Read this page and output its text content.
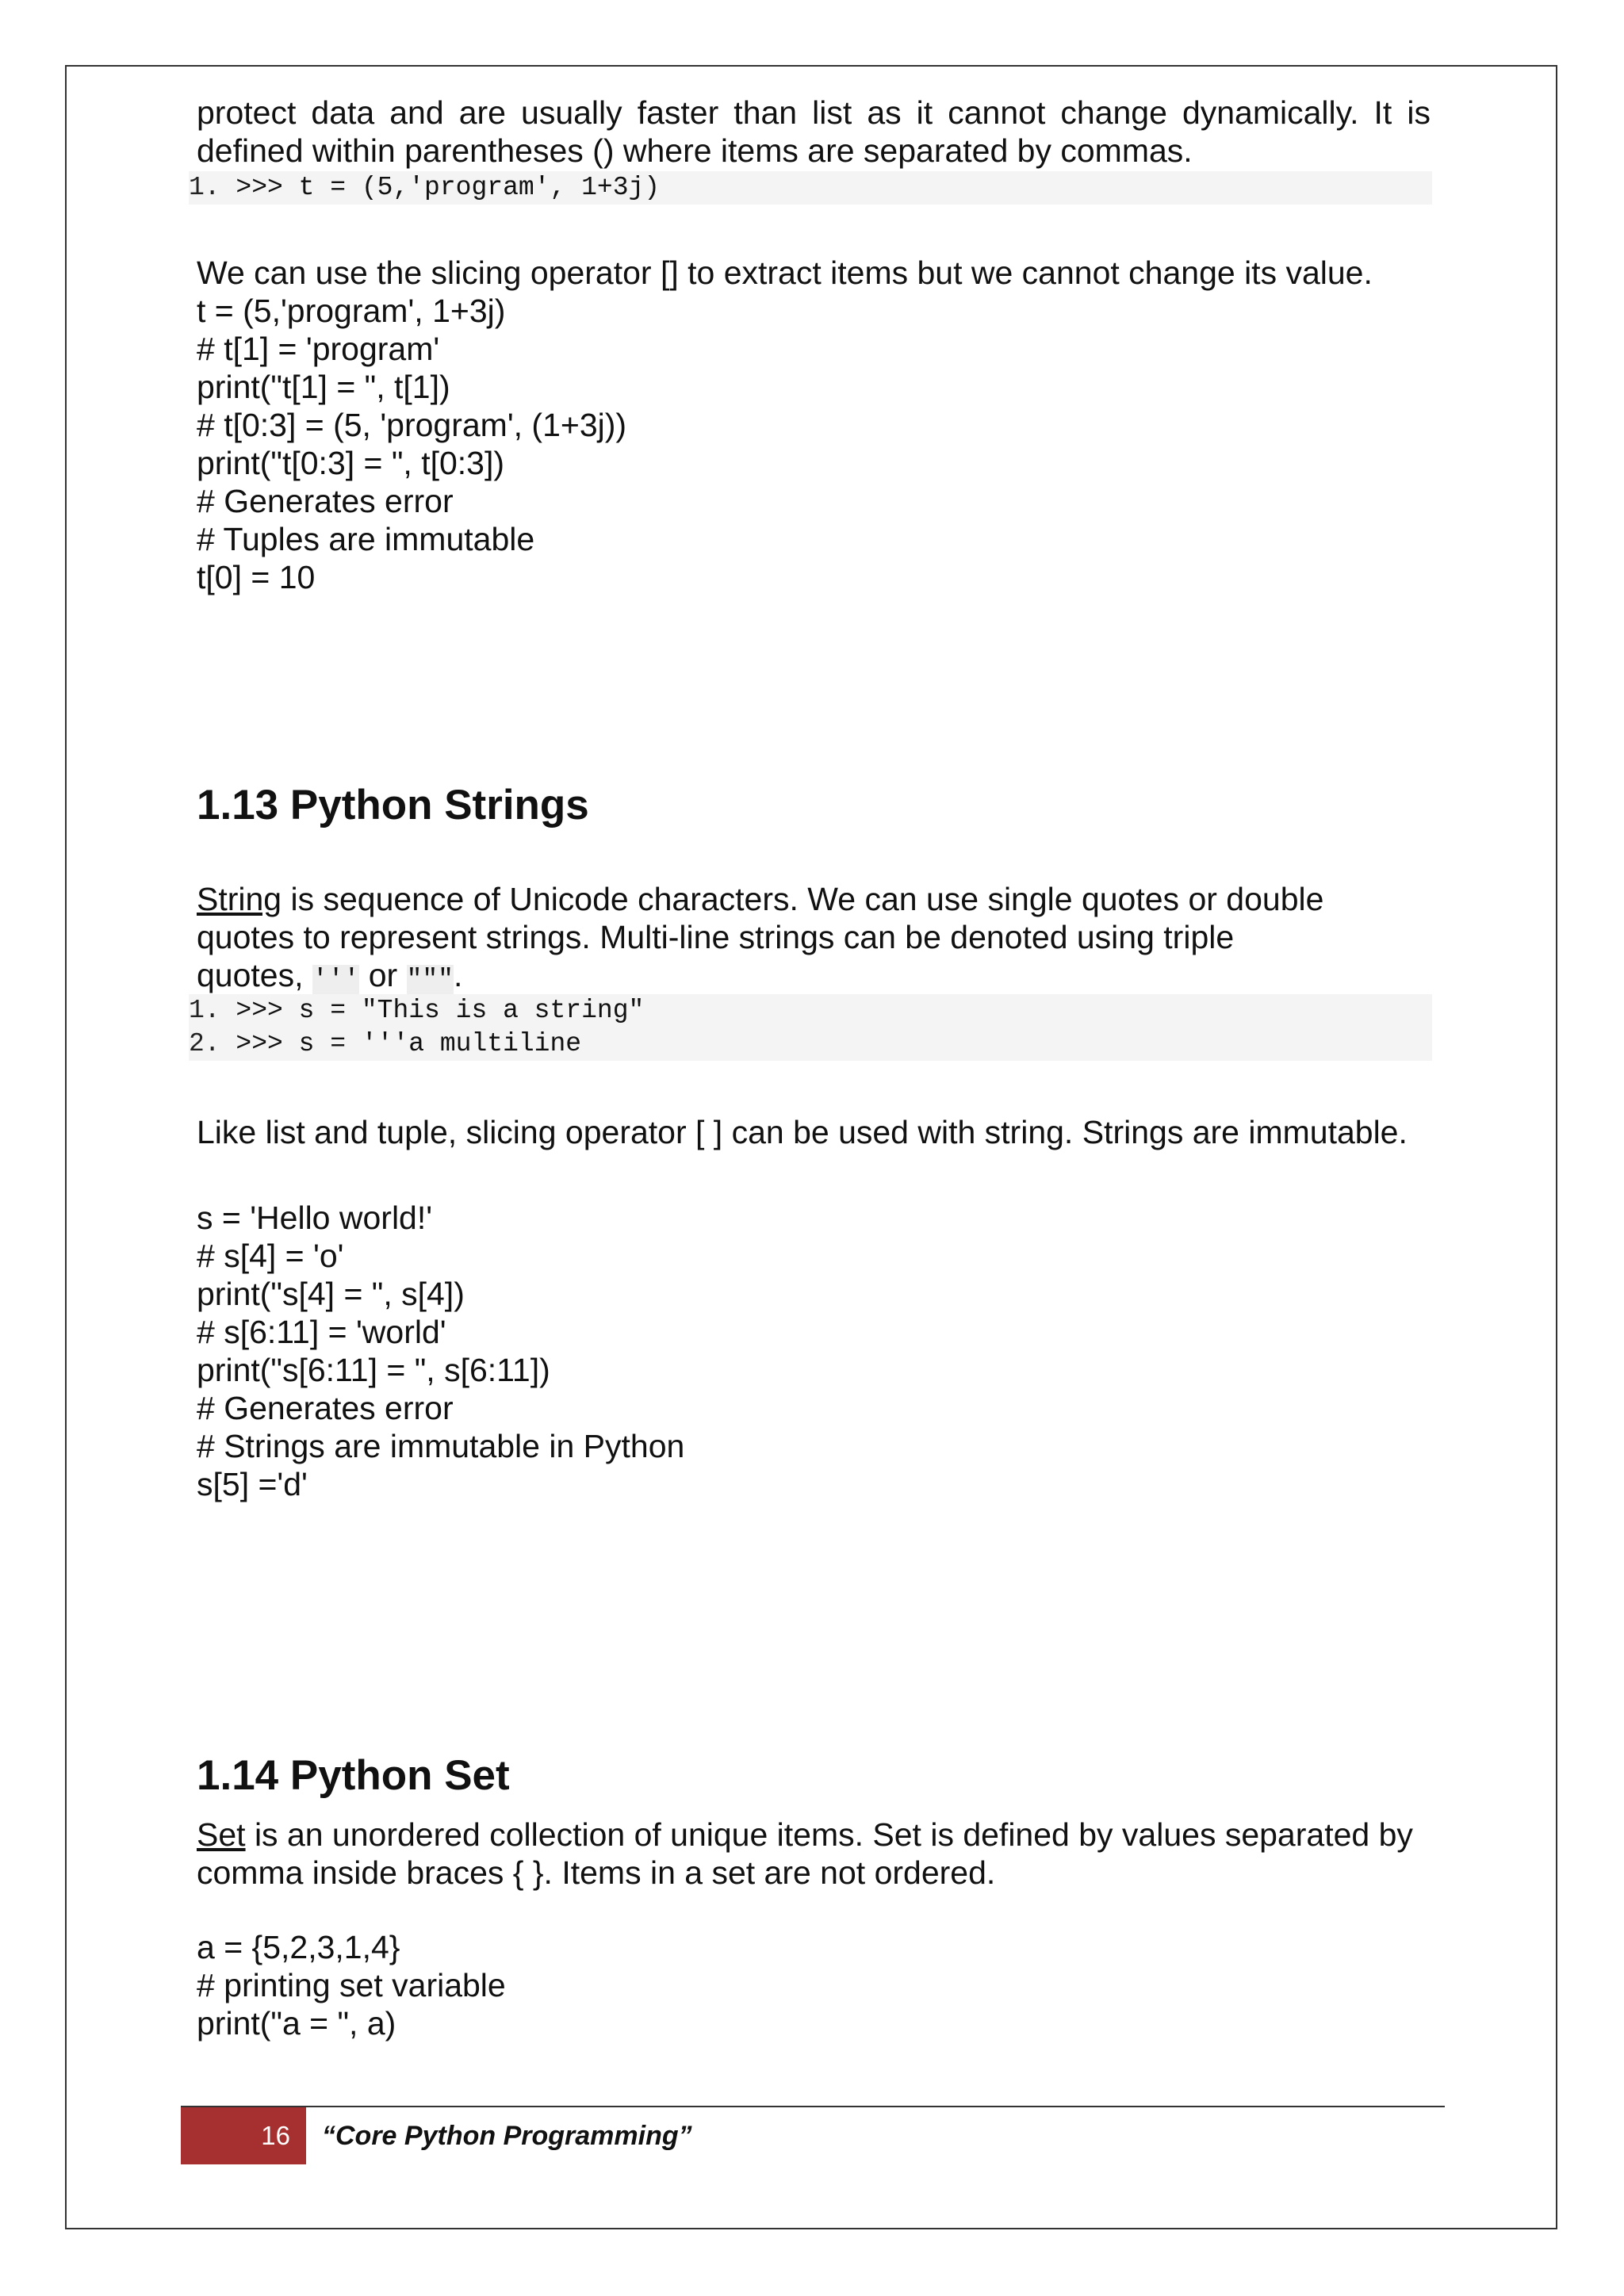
protect data and are usually faster than list as it cannot change dynamically. It is

defined within parentheses () where items are separated by commas.

1. >>> t = (5,'program', 1+3j)

We can use the slicing operator [] to extract items but we cannot change its value.

t = (5,'program', 1+3j)
# t[1] = 'program'
print("t[1] = ", t[1])
# t[0:3] = (5, 'program', (1+3j))
print("t[0:3] = ", t[0:3])
# Generates error
# Tuples are immutable
t[0] = 10
1.13 Python Strings

String is sequence of Unicode characters. We can use single quotes or double

quotes to represent strings. Multi-line strings can be denoted using triple

quotes, ''' or """.

1. >>> s = "This is a string"
2. >>> s = '''a multiline

Like list and tuple, slicing operator [ ] can be used with string. Strings are immutable.

s = 'Hello world!'
# s[4] = 'o'
print("s[4] = ", s[4])
# s[6:11] = 'world'
print("s[6:11] = ", s[6:11])
# Generates error
# Strings are immutable in Python
s[5] ='d'
1.14 Python Set

Set is an unordered collection of unique items. Set is defined by values separated by

comma inside braces { }. Items in a set are not ordered.

a = {5,2,3,1,4}
# printing set variable
print("a = ", a)
16	“Core Python Programming”
